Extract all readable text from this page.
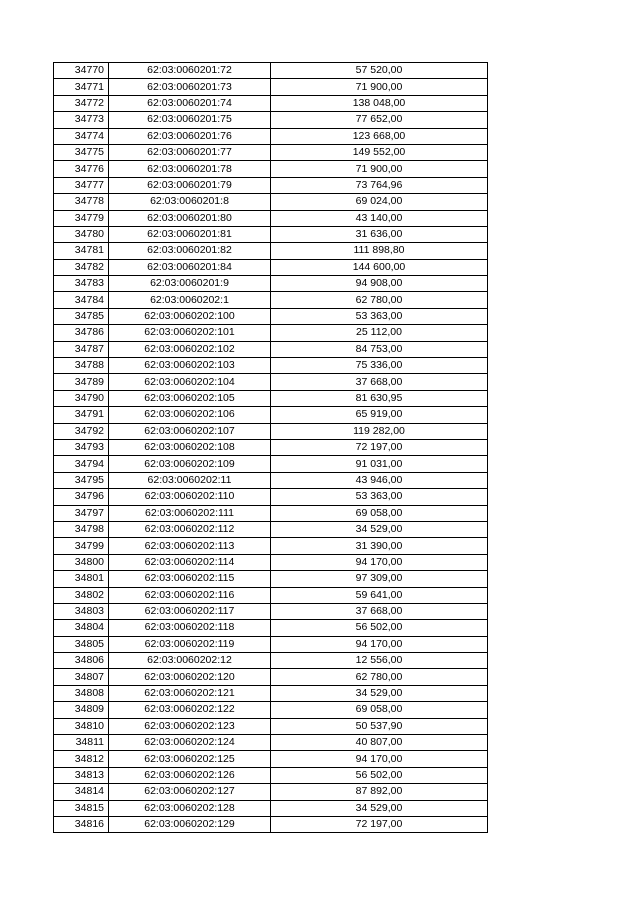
34770	62:03:0060201:72	57 520,00
34771	62:03:0060201:73	71 900,00
34772	62:03:0060201:74	138 048,00
34773	62:03:0060201:75	77 652,00
34774	62:03:0060201:76	123 668,00
34775	62:03:0060201:77	149 552,00
34776	62:03:0060201:78	71 900,00
34777	62:03:0060201:79	73 764,96
34778	62:03:0060201:8	69 024,00
34779	62:03:0060201:80	43 140,00
34780	62:03:0060201:81	31 636,00
34781	62:03:0060201:82	111 898,80
34782	62:03:0060201:84	144 600,00
34783	62:03:0060201:9	94 908,00
34784	62:03:0060202:1	62 780,00
34785	62:03:0060202:100	53 363,00
34786	62:03:0060202:101	25 112,00
34787	62:03:0060202:102	84 753,00
34788	62:03:0060202:103	75 336,00
34789	62:03:0060202:104	37 668,00
34790	62:03:0060202:105	81 630,95
34791	62:03:0060202:106	65 919,00
34792	62:03:0060202:107	119 282,00
34793	62:03:0060202:108	72 197,00
34794	62:03:0060202:109	91 031,00
34795	62:03:0060202:11	43 946,00
34796	62:03:0060202:110	53 363,00
34797	62:03:0060202:111	69 058,00
34798	62:03:0060202:112	34 529,00
34799	62:03:0060202:113	31 390,00
34800	62:03:0060202:114	94 170,00
34801	62:03:0060202:115	97 309,00
34802	62:03:0060202:116	59 641,00
34803	62:03:0060202:117	37 668,00
34804	62:03:0060202:118	56 502,00
34805	62:03:0060202:119	94 170,00
34806	62:03:0060202:12	12 556,00
34807	62:03:0060202:120	62 780,00
34808	62:03:0060202:121	34 529,00
34809	62:03:0060202:122	69 058,00
34810	62:03:0060202:123	50 537,90
34811	62:03:0060202:124	40 807,00
34812	62:03:0060202:125	94 170,00
34813	62:03:0060202:126	56 502,00
34814	62:03:0060202:127	87 892,00
34815	62:03:0060202:128	34 529,00
34816	62:03:0060202:129	72 197,00
